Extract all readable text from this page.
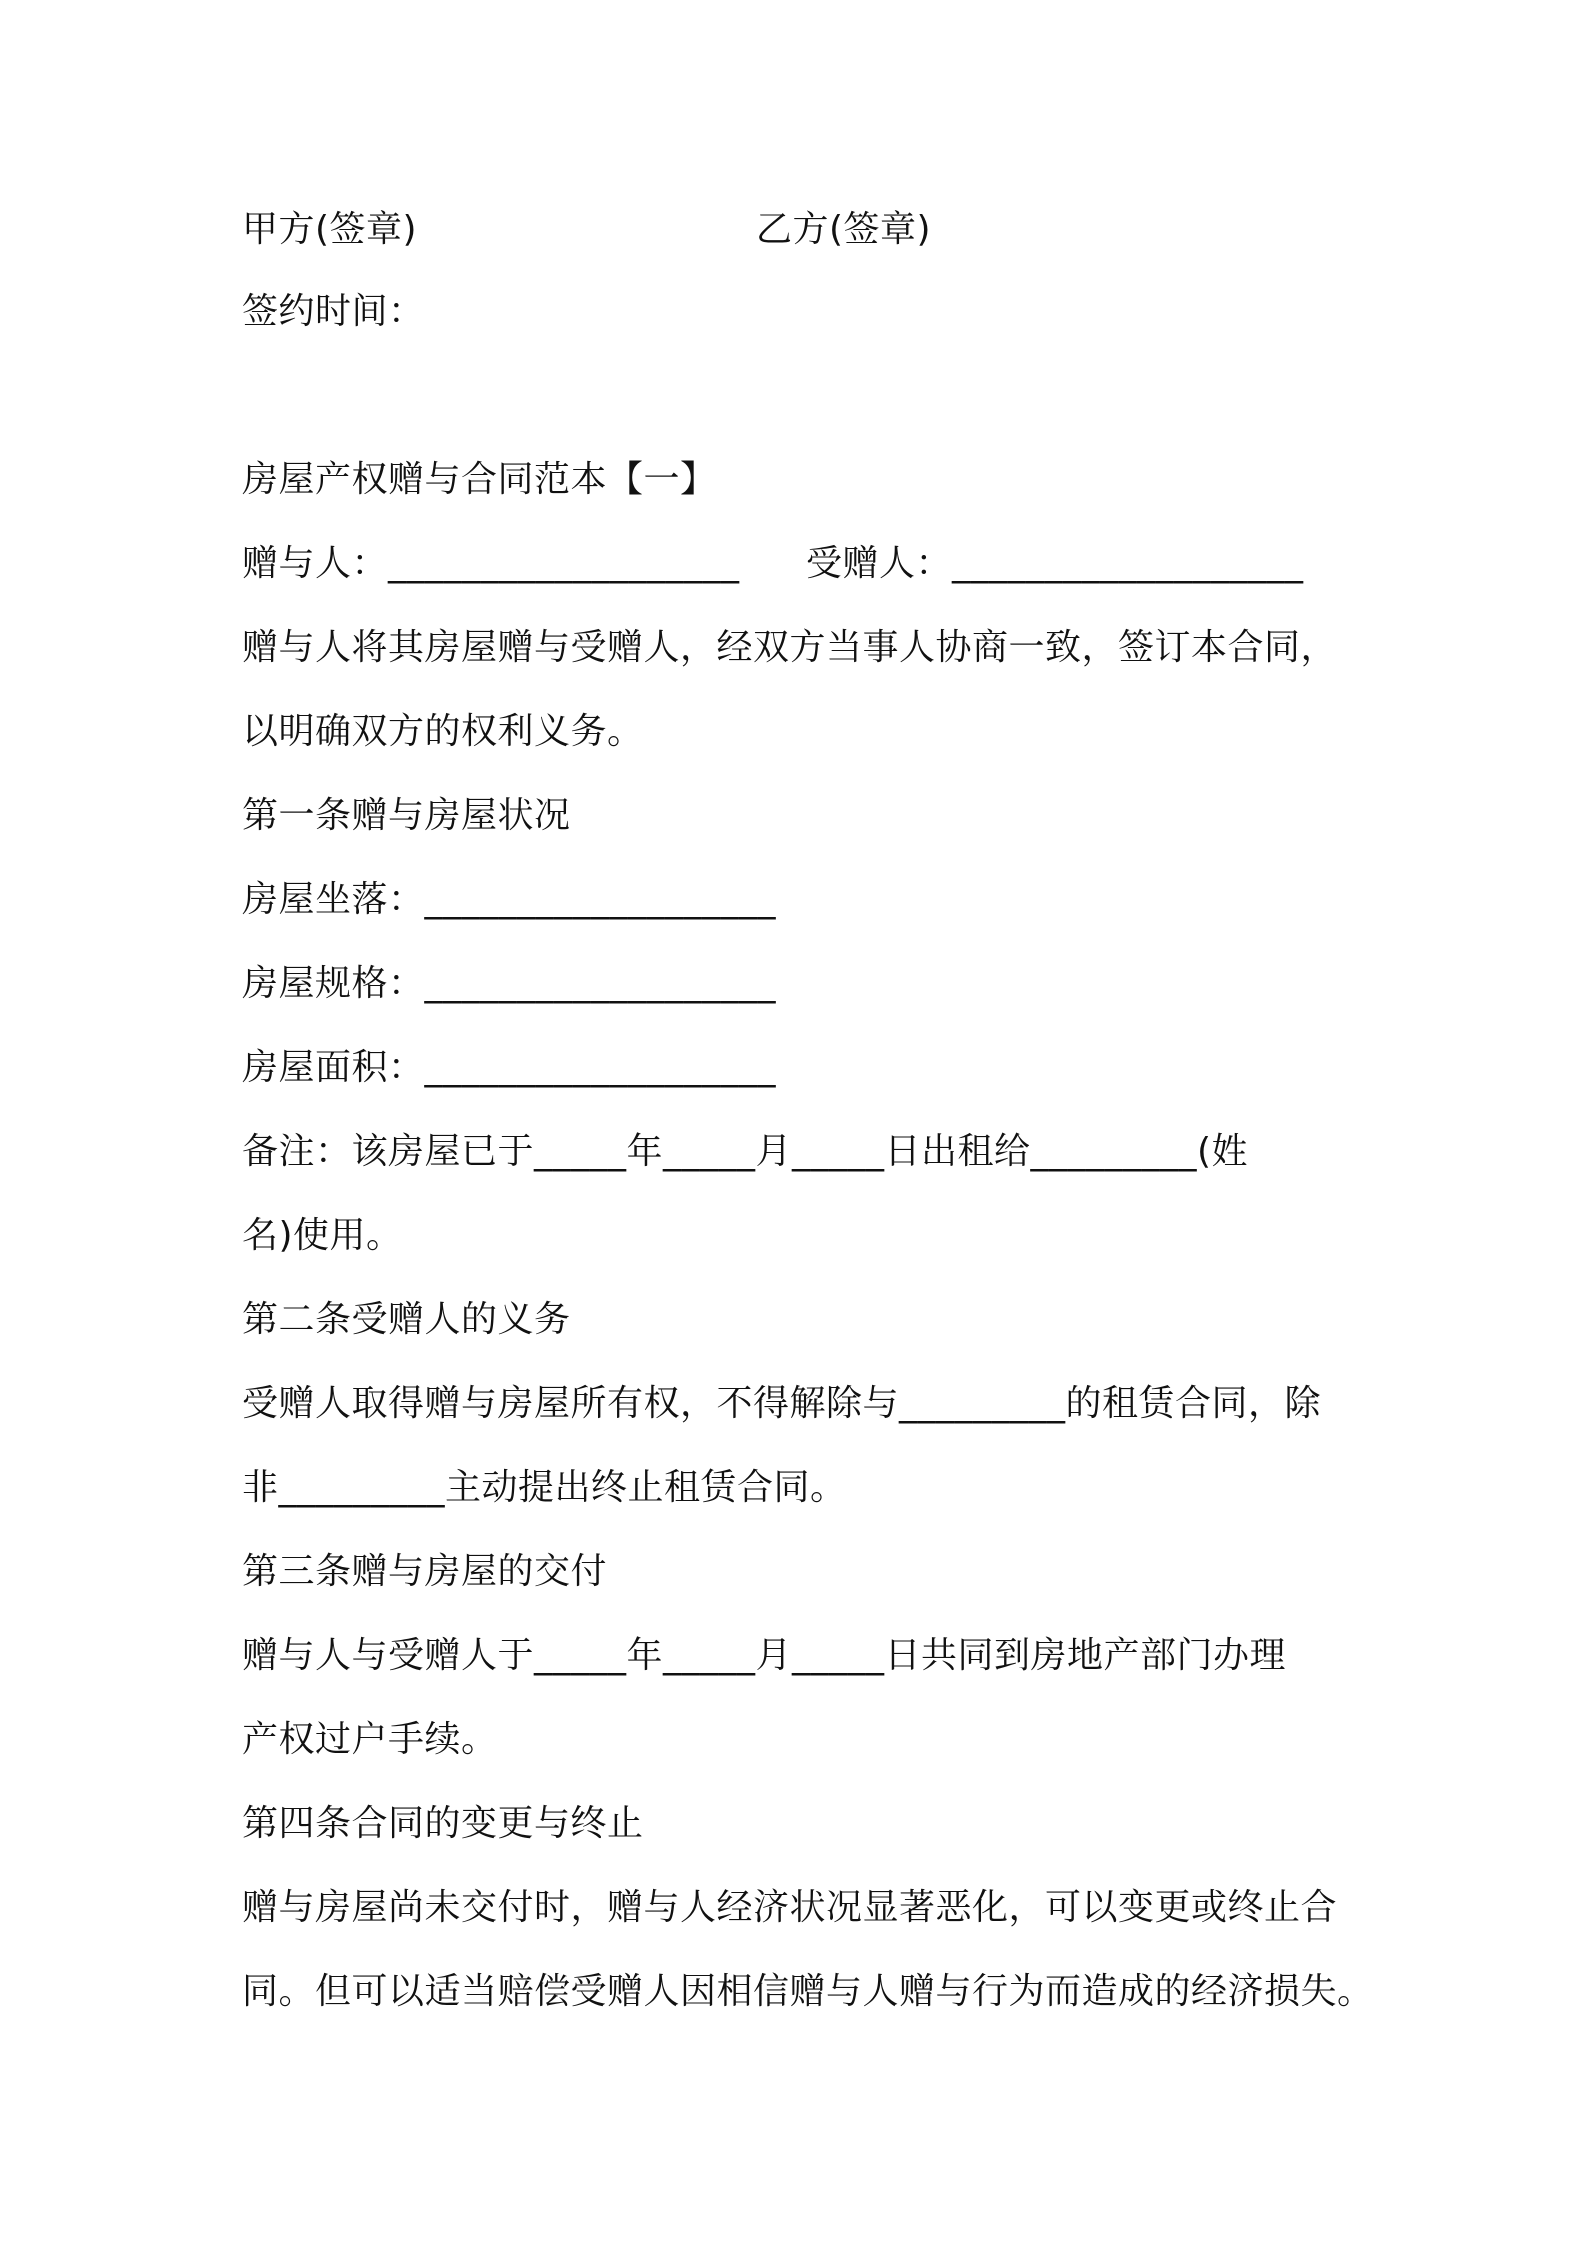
甲方(签章)	乙方(签章)
签约时间：
房屋产权赠与合同范本【一】
赠与人：___________________ 受赠人：___________________
赠与人将其房屋赠与受赠人，经双方当事人协商一致，签订本合同，
以明确双方的权利义务。
第一条赠与房屋状况
房屋坐落：___________________
房屋规格：___________________
房屋面积：___________________
备注：该房屋已于_____年_____月_____日出租给_________(姓
名)使用。
第二条受赠人的义务
受赠人取得赠与房屋所有权，不得解除与_________的租赁合同，除
非_________主动提出终止租赁合同。
第三条赠与房屋的交付
赠与人与受赠人于_____年_____月_____日共同到房地产部门办理
产权过户手续。
第四条合同的变更与终止
赠与房屋尚未交付时，赠与人经济状况显著恶化，可以变更或终止合
同。但可以适当赔偿受赠人因相信赠与人赠与行为而造成的经济损失。
